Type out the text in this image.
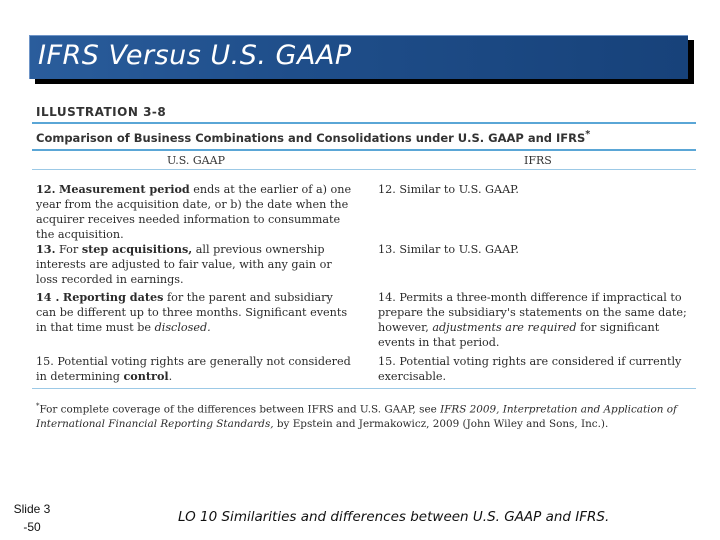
IFRS Versus U.S. GAAP
ILLUSTRATION 3-8
Comparison of Business Combinations and Consolidations under U.S. GAAP and IFRS*
U.S. GAAP	IFRS
12. Measurement period ends at the earlier of a) one year from the acquisition date, or b) the date when the acquirer receives needed information to consummate the acquisition.
12. Similar to U.S. GAAP.
13. For step acquisitions, all previous ownership interests are adjusted to fair value, with any gain or loss recorded in earnings.
13. Similar to U.S. GAAP.
14 . Reporting dates for the parent and subsidiary can be different up to three months. Significant events in that time must be disclosed.
14. Permits a three-month difference if impractical to prepare the subsidiary's statements on the same date; however, adjustments are required for significant events in that period.
15. Potential voting rights are generally not considered in determining control.
15. Potential voting rights are considered if currently exercisable.
*For complete coverage of the differences between IFRS and U.S. GAAP, see IFRS 2009, Interpretation and Application of International Financial Reporting Standards, by Epstein and Jermakowicz, 2009 (John Wiley and Sons, Inc.).
Slide 3
-50
LO 10 Similarities and differences between U.S. GAAP and IFRS.
